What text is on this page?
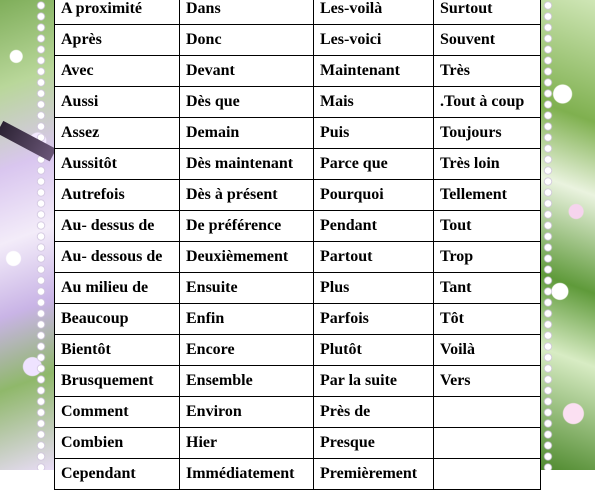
A proximité	Dans	Les-voilà	Surtout
Après	Donc	Les-voici	Souvent
Avec	Devant	Maintenant	Très
Aussi	Dès que	Mais	.Tout à coup
Assez	Demain	Puis	Toujours
Aussitôt	Dès maintenant	Parce que	Très loin
Autrefois	Dès à présent	Pourquoi	Tellement
Au- dessus de	De préférence	Pendant	Tout
Au- dessous de	Deuxièmement	Partout	Trop
Au milieu de	Ensuite	Plus	Tant
Beaucoup	Enfin	Parfois	Tôt
Bientôt	Encore	Plutôt	Voilà
Brusquement	Ensemble	Par la suite	Vers
Comment	Environ	Près de	
Combien	Hier	Presque	
Cependant	Immédiatement	Premièrement	
